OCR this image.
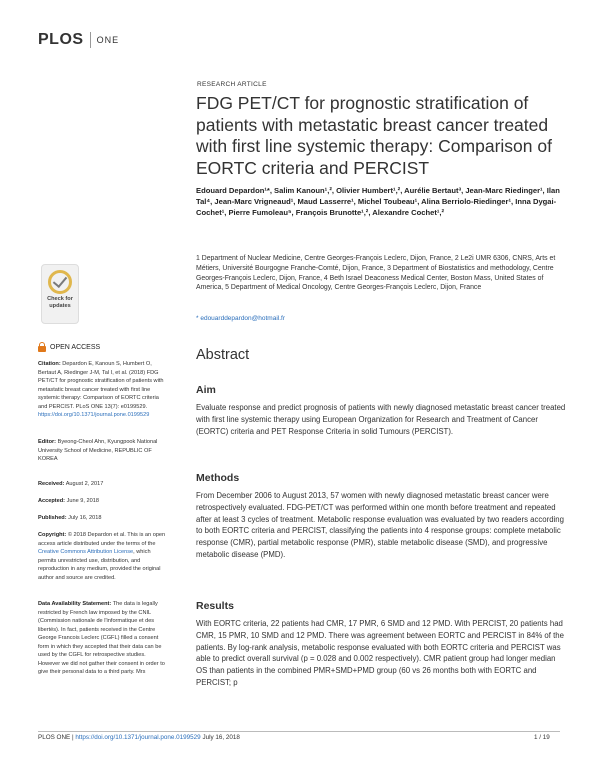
PLOS ONE
RESEARCH ARTICLE
FDG PET/CT for prognostic stratification of patients with metastatic breast cancer treated with first line systemic therapy: Comparison of EORTC criteria and PERCIST
Edouard Depardon¹*, Salim Kanoun¹,², Olivier Humbert¹,², Aurélie Bertaut³, Jean-Marc Riedinger¹, Ilan Tal⁴, Jean-Marc Vrigneaud¹, Maud Lasserre¹, Michel Toubeau¹, Alina Berriolo-Riedinger¹, Inna Dygai-Cochet¹, Pierre Fumoleau⁵, François Brunotte¹,², Alexandre Cochet¹,²
1 Department of Nuclear Medicine, Centre Georges-François Leclerc, Dijon, France, 2 Le2i UMR 6306, CNRS, Arts et Métiers, Université Bourgogne Franche-Comté, Dijon, France, 3 Department of Biostatistics and methodology, Centre Georges-François Leclerc, Dijon, France, 4 Beth Israel Deaconess Medical Center, Boston Mass, United States of America, 5 Department of Medical Oncology, Centre Georges-François Leclerc, Dijon, France
* edouarddepardon@hotmail.fr
Check for
updates
OPEN ACCESS
Citation: Depardon E, Kanoun S, Humbert O, Bertaut A, Riedinger J-M, Tal I, et al. (2018) FDG PET/CT for prognostic stratification of patients with metastatic breast cancer treated with first line systemic therapy: Comparison of EORTC criteria and PERCIST. PLoS ONE 13(7): e0199529. https://doi.org/10.1371/journal.pone.0199529
Editor: Byeong-Cheol Ahn, Kyungpook National University School of Medicine, REPUBLIC OF KOREA
Received: August 2, 2017
Accepted: June 9, 2018
Published: July 16, 2018
Copyright: © 2018 Depardon et al. This is an open access article distributed under the terms of the Creative Commons Attribution License, which permits unrestricted use, distribution, and reproduction in any medium, provided the original author and source are credited.
Data Availability Statement: The data is legally restricted by French law imposed by the CNIL (Commission nationale de l'informatique et des libertés). In fact, patients received in the Centre George Francois Leclerc (CGFL) filled a consent form in which they accepted that their data can be used by the CGFL for retrospective studies. However we did not gather their consent in order to give their personal data to a third party. Mrs
Abstract
Aim
Evaluate response and predict prognosis of patients with newly diagnosed metastatic breast cancer treated with first line systemic therapy using European Organization for Research and Treatment of Cancer (EORTC) criteria and PET Response Criteria in solid Tumours (PERCIST).
Methods
From December 2006 to August 2013, 57 women with newly diagnosed metastatic breast cancer were retrospectively evaluated. FDG-PET/CT was performed within one month before treatment and repeated after at least 3 cycles of treatment. Metabolic response evaluation was evaluated by two readers according to both EORTC criteria and PERCIST, classifying the patients into 4 response groups: complete metabolic response (CMR), partial metabolic response (PMR), stable metabolic disease (SMD), and progressive metabolic disease (PMD).
Results
With EORTC criteria, 22 patients had CMR, 17 PMR, 6 SMD and 12 PMD. With PERCIST, 20 patients had CMR, 15 PMR, 10 SMD and 12 PMD. There was agreement between EORTC and PERCIST in 84% of the patients. By log-rank analysis, metabolic response evaluated with both EORTC criteria and PERCIST was able to predict overall survival (p = 0.028 and 0.002 respectively). CMR patient group had longer median OS than patients in the combined PMR+SMD+PMD group (60 vs 26 months both with EORTC and PERCIST; p
PLOS ONE | https://doi.org/10.1371/journal.pone.0199529 July 16, 2018	1 / 19
